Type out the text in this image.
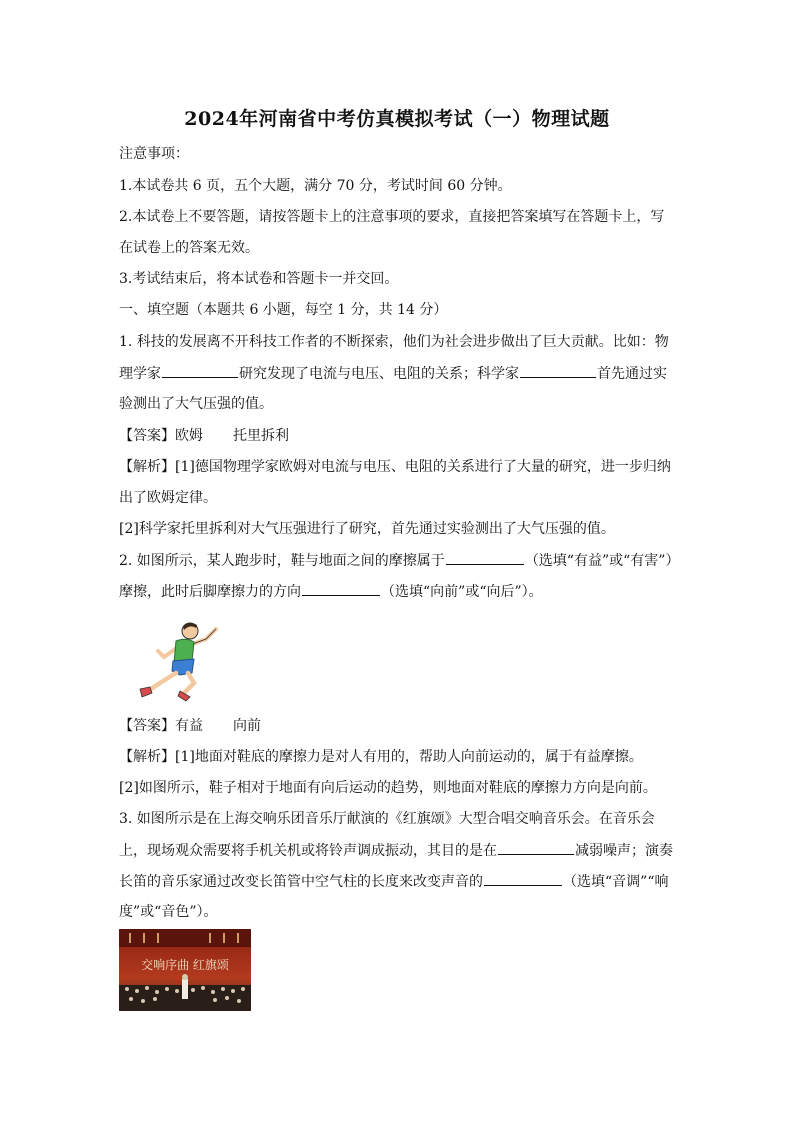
2024年河南省中考仿真模拟考试（一）物理试题
注意事项：
1.本试卷共 6 页，五个大题，满分 70 分，考试时间 60 分钟。
2.本试卷上不要答题，请按答题卡上的注意事项的要求，直接把答案填写在答题卡上，写
在试卷上的答案无效。
3.考试结束后，将本试卷和答题卡一并交回。
一、填空题（本题共 6 小题，每空 1 分，共 14 分）
1. 科技的发展离不开科技工作者的不断探索，他们为社会进步做出了巨大贡献。比如：物
理学家	研究发现了电流与电压、电阻的关系；科学家	首先通过实
验测出了大气压强的值。
【答案】欧姆 托里拆利
【解析】[1]德国物理学家欧姆对电流与电压、电阻的关系进行了大量的研究，进一步归纳
出了欧姆定律。
[2]科学家托里拆利对大气压强进行了研究，首先通过实验测出了大气压强的值。
2. 如图所示，某人跑步时，鞋与地面之间的摩擦属于	（选填“有益”或“有害”）
摩擦，此时后脚摩擦力的方向	（选填“向前”或“向后”）。
【答案】有益 向前
【解析】[1]地面对鞋底的摩擦力是对人有用的，帮助人向前运动的，属于有益摩擦。
[2]如图所示，鞋子相对于地面有向后运动的趋势，则地面对鞋底的摩擦力方向是向前。
3. 如图所示是在上海交响乐团音乐厅献演的《红旗颂》大型合唱交响音乐会。在音乐会
上，现场观众需要将手机关机或将铃声调成振动，其目的是在	减弱噪声；演奏
长笛的音乐家通过改变长笛管中空气柱的长度来改变声音的	（选填“音调”“响
度”或“音色”）。
交响序曲 红旗颂
